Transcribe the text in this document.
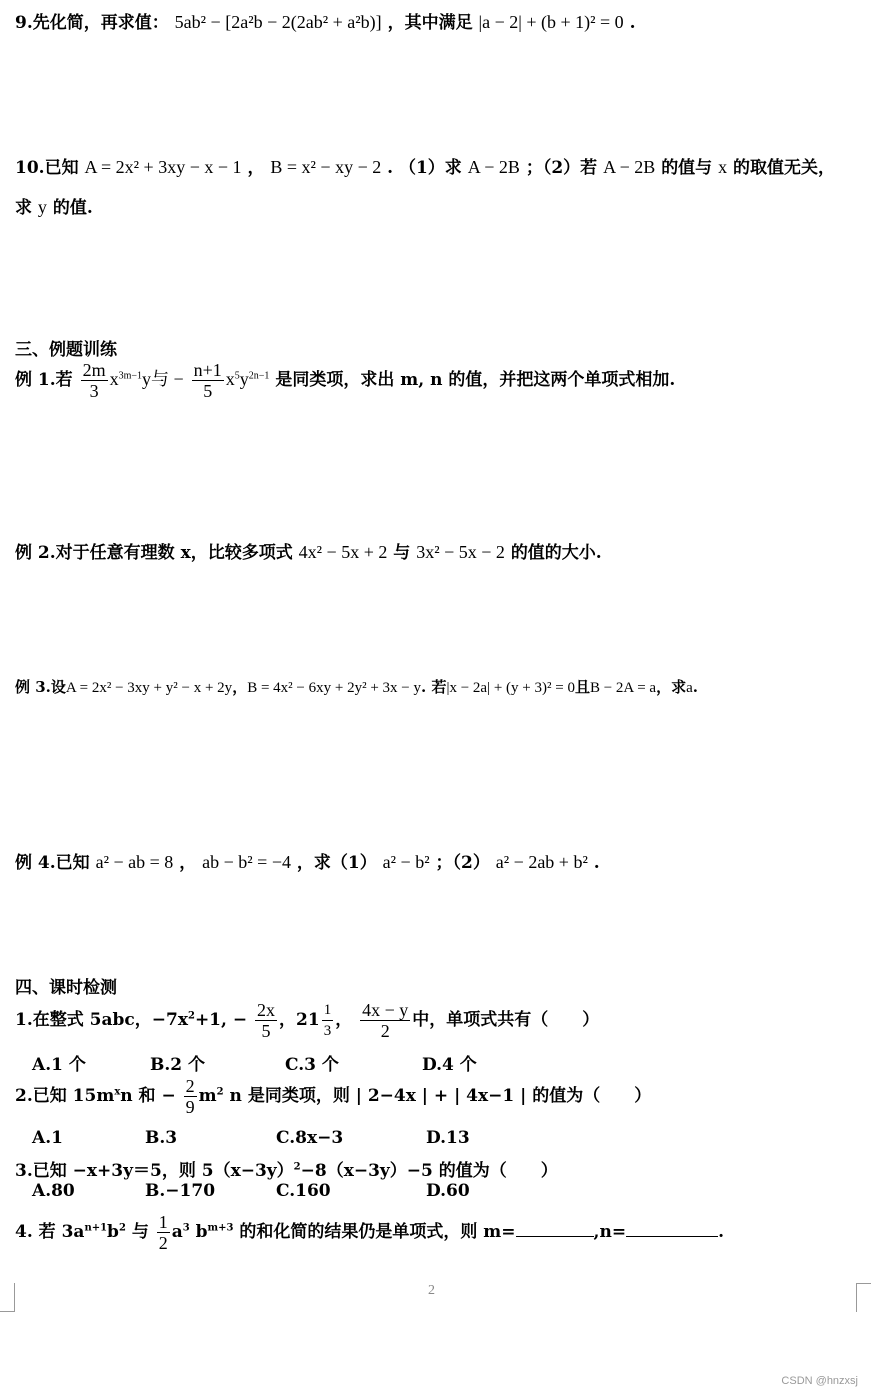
9.先化简，再求值： 5ab² − [2a²b − 2(2ab² + a²b)] ，其中满足 |a − 2| + (b + 1)² = 0 .
10.已知 A = 2x² + 3xy − x − 1 ， B = x² − xy − 2 . （1）求 A − 2B ；（2）若 A − 2B 的值与 x 的取值无关，
求 y 的值.
三、例题训练
例 1.若 $\frac{2m}{3} x^{3m-1}y$与 − $\frac{n+1}{5} x^5y^{2n-1}$ 是同类项，求出 m, n 的值，并把这两个单项式相加.
例 2.对于任意有理数 x，比较多项式 4x² − 5x + 2 与 3x² − 5x − 2 的值的大小.
例 3.设A = 2x² − 3xy + y² − x + 2y，B = 4x² − 6xy + 2y² + 3x − y. 若|x − 2a| + (y + 3)² = 0且B − 2A = a，求a.
例 4.已知 a² − ab = 8 ， ab − b² = −4 ，求（1） a² − b² ；（2） a² − 2ab + b² .
四、课时检测
1.在整式 5abc，$-7x^2+1$, − $\frac{2x}{5}$ ，$21 \frac{1}{3}$ ， $\frac{4x - y}{2}$ 中，单项式共有（　　）
A.1 个	B.2 个	C.3 个	D.4 个
2.已知 $15m^xn$ 和 − $\frac{2}{9} m^2$ n 是同类项，则 | 2−4x | + | 4x−1 | 的值为（　　）
A.1	B.3	C.8x−3	D.13
3.已知 −x+3y＝5，则 $5(x-3y)^2-8(x-3y)-5$ 的值为（　　）
A.80	B.−170	C.160	D.60
4. 若 $3a^{n+1}b^2$ 与 $\frac{1}{2} a^3$ $b^{m+3}$ 的和化简的结果仍是单项式，则 m=	,n=	.
2
CSDN @hnzxsj
